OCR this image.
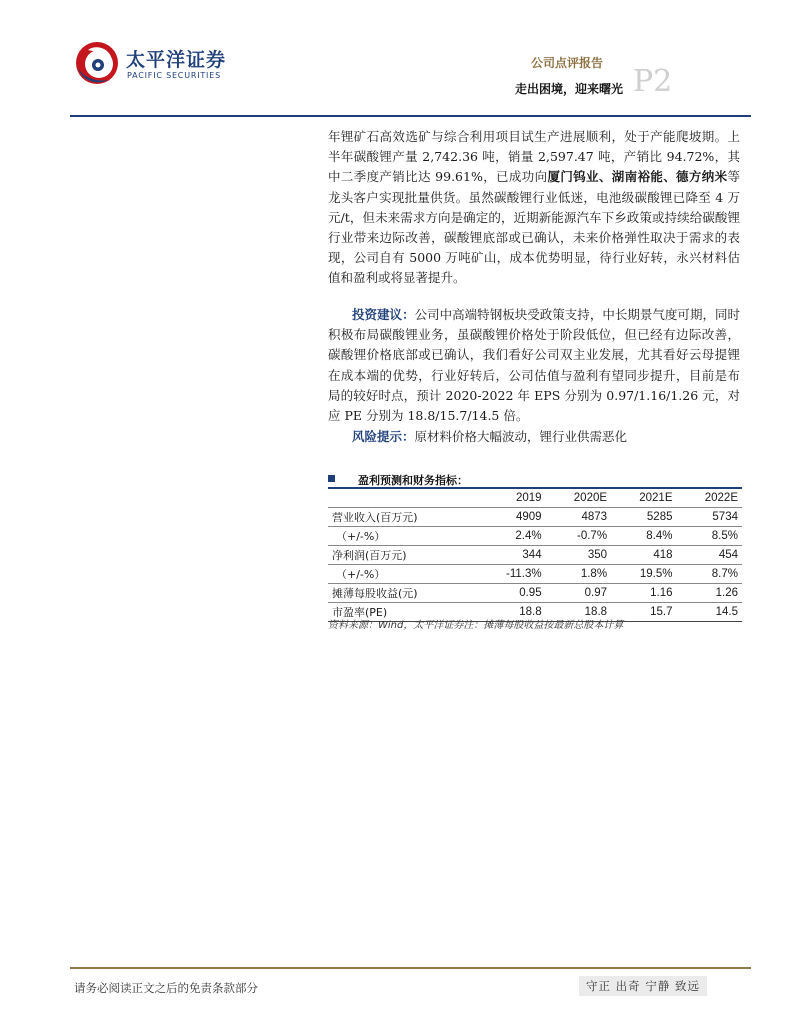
太平洋证券
PACIFIC SECURITIES
公司点评报告
走出困境，迎来曙光 P2
年锂矿石高效选矿与综合利用项目试生产进展顺利，处于产能爬坡期。上半年碳酸锂产量 2,742.36 吨，销量 2,597.47 吨，产销比 94.72%，其中二季度产销比达 99.61%，已成功向厦门钨业、湖南裕能、德方纳米等龙头客户实现批量供货。虽然碳酸锂行业低迷，电池级碳酸锂已降至 4 万元/t，但未来需求方向是确定的，近期新能源汽车下乡政策或持续给碳酸锂行业带来边际改善，碳酸锂底部或已确认，未来价格弹性取决于需求的表现，公司自有 5000 万吨矿山，成本优势明显，待行业好转，永兴材料估值和盈利或将显著提升。
投资建议：公司中高端特钢板块受政策支持，中长期景气度可期，同时积极布局碳酸锂业务，虽碳酸锂价格处于阶段低位，但已经有边际改善，碳酸锂价格底部或已确认，我们看好公司双主业发展，尤其看好云母提锂在成本端的优势，行业好转后，公司估值与盈利有望同步提升，目前是布局的较好时点，预计 2020-2022 年 EPS 分别为 0.97/1.16/1.26 元，对应 PE 分别为 18.8/15.7/14.5 倍。
风险提示：原材料价格大幅波动，锂行业供需恶化
盈利预测和财务指标：
	2019	2020E	2021E	2022E
营业收入(百万元)	4909	4873	5285	5734
（+/-%）	2.4%	-0.7%	8.4%	8.5%
净利润(百万元)	344	350	418	454
（+/-%）	-11.3%	1.8%	19.5%	8.7%
摊薄每股收益(元)	0.95	0.97	1.16	1.26
市盈率(PE)	18.8	18.8	15.7	14.5
资料来源：Wind，太平洋证券注：摊薄每股收益按最新总股本计算
请务必阅读正文之后的免责条款部分	守正 出奇 宁静 致远
